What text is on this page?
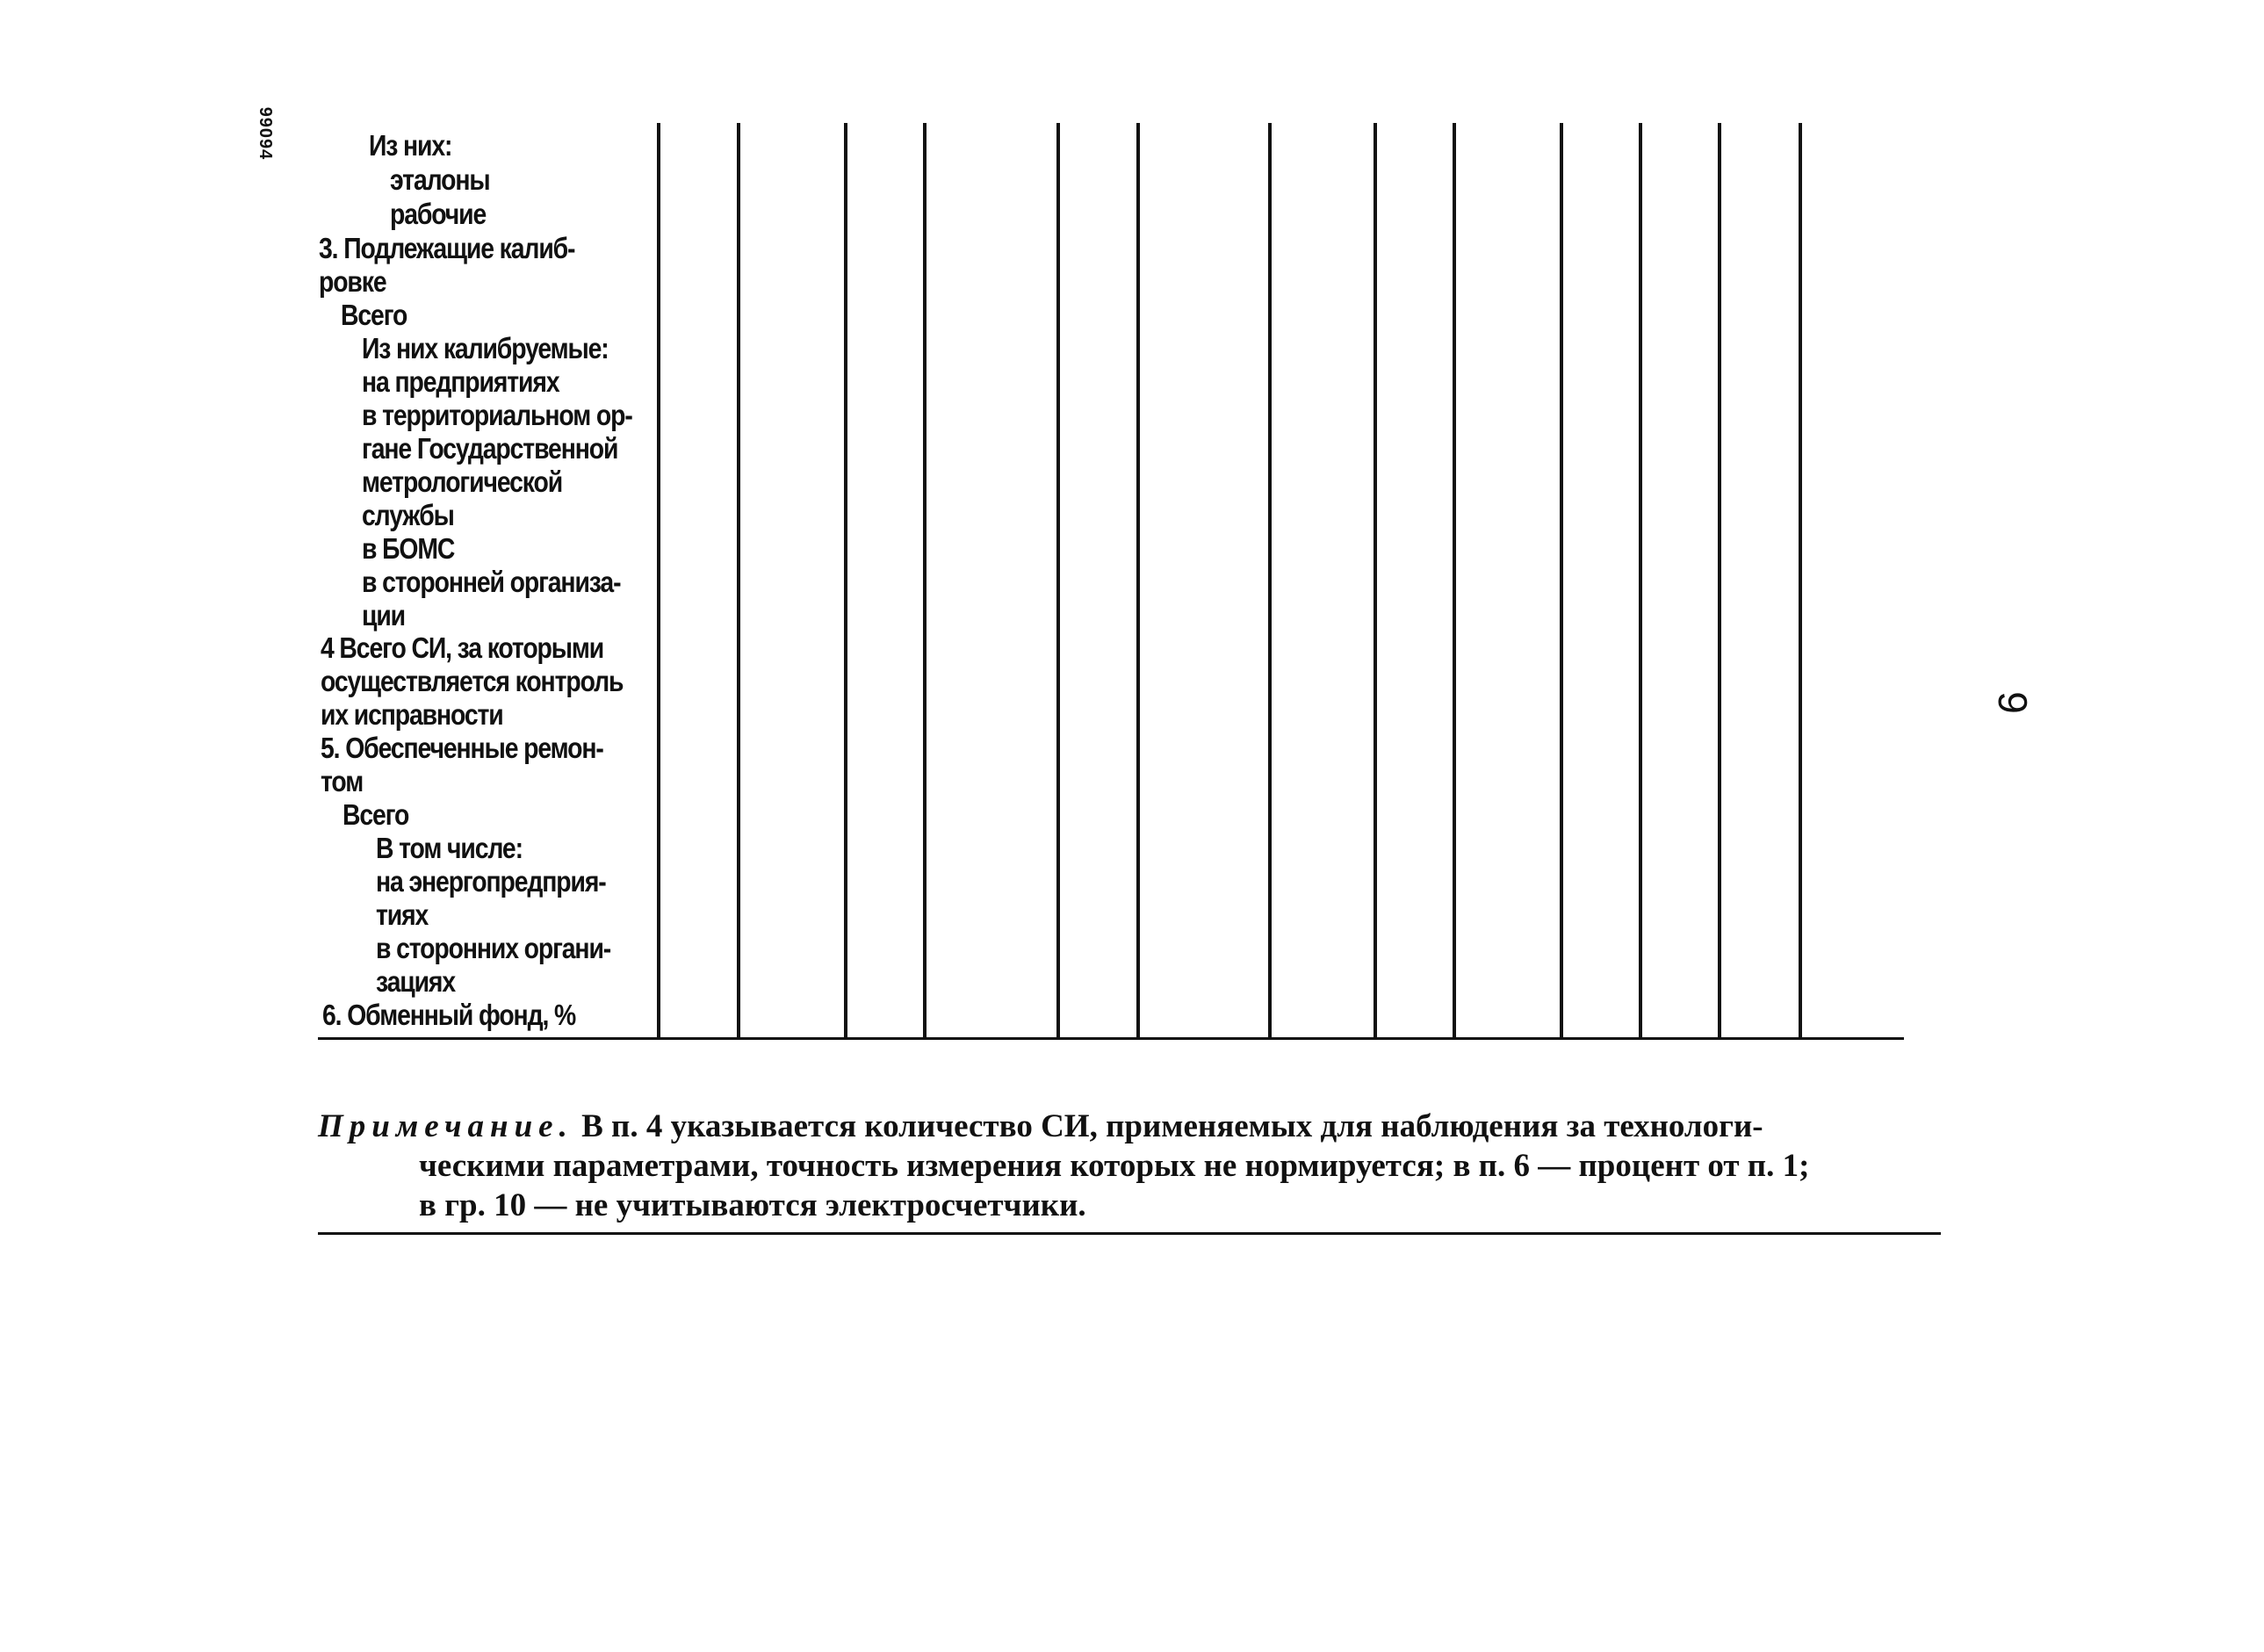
99094
9
Из них:
эталоны
рабочие
3. Подлежащие калиб-
ровке
Всего
Из них калибруемые:
на предприятиях
в территориальном ор-
гане Государственной
метрологической
службы
в БОМС
в сторонней организа-
ции
4 Всего СИ, за которыми
осуществляется контроль
их исправности
5. Обеспеченные ремон-
том
Всего
В том числе:
на энергопредприя-
тиях
в сторонних органи-
зациях
6. Обменный фонд, %
Примечание. В п. 4 указывается количество СИ, применяемых для наблюдения за технологи-
ческими параметрами, точность измерения которых не нормируется; в п. 6 — процент от п. 1;
в гр. 10 — не учитываются электросчетчики.
